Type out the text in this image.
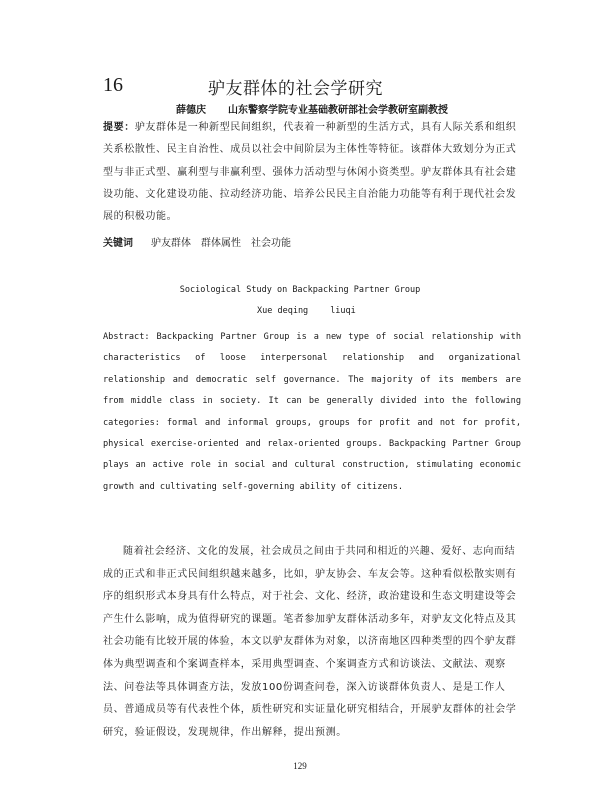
16	驴友群体的社会学研究
薛德庆 山东警察学院专业基础教研部社会学教研室副教授
提要：驴友群体是一种新型民间组织，代表着一种新型的生活方式，具有人际关系和组织关系松散性、民主自治性、成员以社会中间阶层为主体性等特征。该群体大致划分为正式型与非正式型、赢利型与非赢利型、强体力活动型与休闲小资类型。驴友群体具有社会建设功能、文化建设功能、拉动经济功能、培养公民民主自治能力功能等有利于现代社会发展的积极功能。
关键词 驴友群体 群体属性 社会功能
Sociological Study on Backpacking Partner Group
Xue deqing	liuqi
Abstract: Backpacking Partner Group is a new type of social relationship with characteristics of loose interpersonal relationship and organizational relationship and democratic self governance. The majority of its members are from middle class in society. It can be generally divided into the following categories: formal and informal groups, groups for profit and not for profit, physical exercise-oriented and relax-oriented groups. Backpacking Partner Group plays an active role in social and cultural construction, stimulating economic growth and cultivating self-governing ability of citizens.
随着社会经济、文化的发展，社会成员之间由于共同和相近的兴趣、爱好、志向而结成的正式和非正式民间组织越来越多，比如，驴友协会、车友会等。这种看似松散实则有序的组织形式本身具有什么特点，对于社会、文化、经济，政治建设和生态文明建设等会产生什么影响，成为值得研究的课题。笔者参加驴友群体活动多年，对驴友文化特点及其社会功能有比较开展的体验，本文以驴友群体为对象，以济南地区四种类型的四个驴友群体为典型调查和个案调查样本，采用典型调查、个案调查方式和访谈法、文献法、观察法、问卷法等具体调查方法，发放100份调查问卷，深入访谈群体负责人、是是工作人员、普通成员等有代表性个体，质性研究和实证量化研究相结合，开展驴友群体的社会学研究，验证假设，发现规律，作出解释，提出预测。
129
